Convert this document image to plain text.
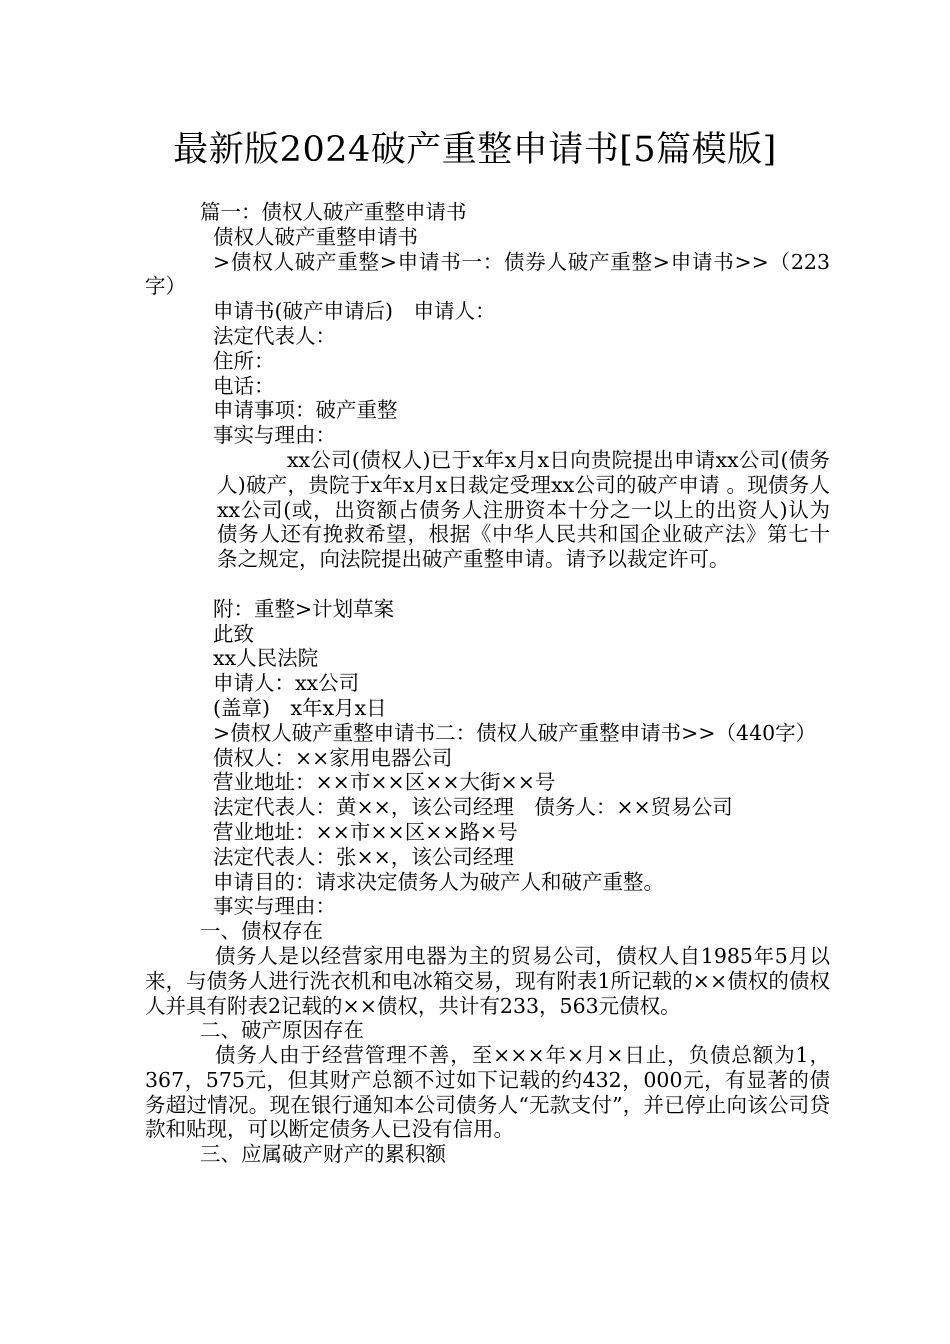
最新版2024破产重整申请书[5篇模版]

篇一：债权人破产重整申请书

债权人破产重整申请书

>债权人破产重整>申请书一：债券人破产重整>申请书>>（223字）

申请书(破产申请后)　申请人：

法定代表人：

住所：

电话：

申请事项：破产重整

事实与理由：

xx公司(债权人)已于x年x月x日向贵院提出申请xx公司(债务人)破产，贵院于x年x月x日裁定受理xx公司的破产申请 。现债务人xx公司(或，出资额占债务人注册资本十分之一以上的出资人)认为债务人还有挽救希望，根据《中华人民共和国企业破产法》第七十条之规定，向法院提出破产重整申请。请予以裁定许可。

附：重整>计划草案

此致

xx人民法院

申请人：xx公司

(盖章)　x年x月x日

>债权人破产重整申请书二：债权人破产重整申请书>>（440字）

债权人：××家用电器公司

营业地址：××市××区××大街××号

法定代表人：黄××，该公司经理　债务人：××贸易公司

营业地址：××市××区××路×号

法定代表人：张××，该公司经理

申请目的：请求决定债务人为破产人和破产重整。

事实与理由：

一、债权存在

债务人是以经营家用电器为主的贸易公司，债权人自1985年5月以来，与债务人进行洗衣机和电冰箱交易，现有附表1所记载的××债权的债权人并具有附表2记载的××债权，共计有233，563元债权。

二、破产原因存在

债务人由于经营管理不善，至×××年×月×日止，负债总额为1，367，575元，但其财产总额不过如下记载的约432，000元，有显著的债务超过情况。现在银行通知本公司债务人“无款支付”，并已停止向该公司贷款和贴现，可以断定债务人已没有信用。

三、应属破产财产的累积额
